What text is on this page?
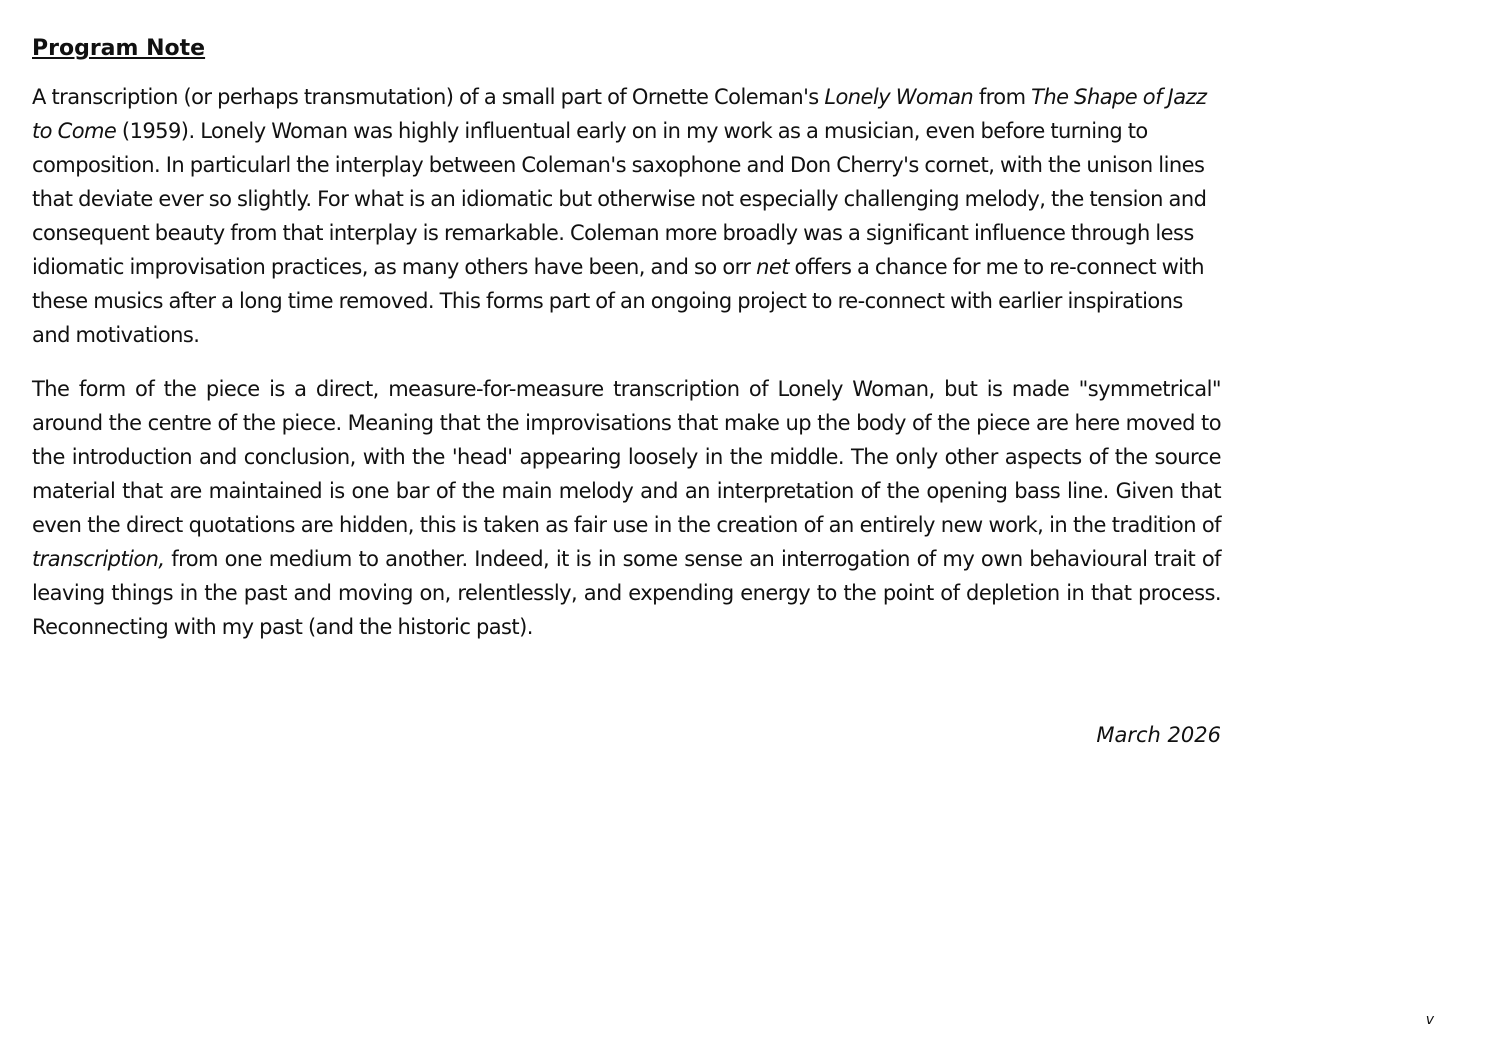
Program Note

A transcription (or perhaps transmutation) of a small part of Ornette Coleman's Lonely Woman from The Shape of Jazz to Come (1959). Lonely Woman was highly influentual early on in my work as a musician, even before turning to composition. In particularl the interplay between Coleman's saxophone and Don Cherry's cornet, with the unison lines that deviate ever so slightly. For what is an idiomatic but otherwise not especially challenging melody, the tension and consequent beauty from that interplay is remarkable. Coleman more broadly was a significant influence through less idiomatic improvisation practices, as many others have been, and so orr net offers a chance for me to re-connect with these musics after a long time removed. This forms part of an ongoing project to re-connect with earlier inspirations and motivations.

The form of the piece is a direct, measure-for-measure transcription of Lonely Woman, but is made "symmetrical" around the centre of the piece. Meaning that the improvisations that make up the body of the piece are here moved to the introduction and conclusion, with the 'head' appearing loosely in the middle. The only other aspects of the source material that are maintained is one bar of the main melody and an interpretation of the opening bass line. Given that even the direct quotations are hidden, this is taken as fair use in the creation of an entirely new work, in the tradition of transcription, from one medium to another. Indeed, it is in some sense an interrogation of my own behavioural trait of leaving things in the past and moving on, relentlessly, and expending energy to the point of depletion in that process. Reconnecting with my past (and the historic past).

March 2026
v
